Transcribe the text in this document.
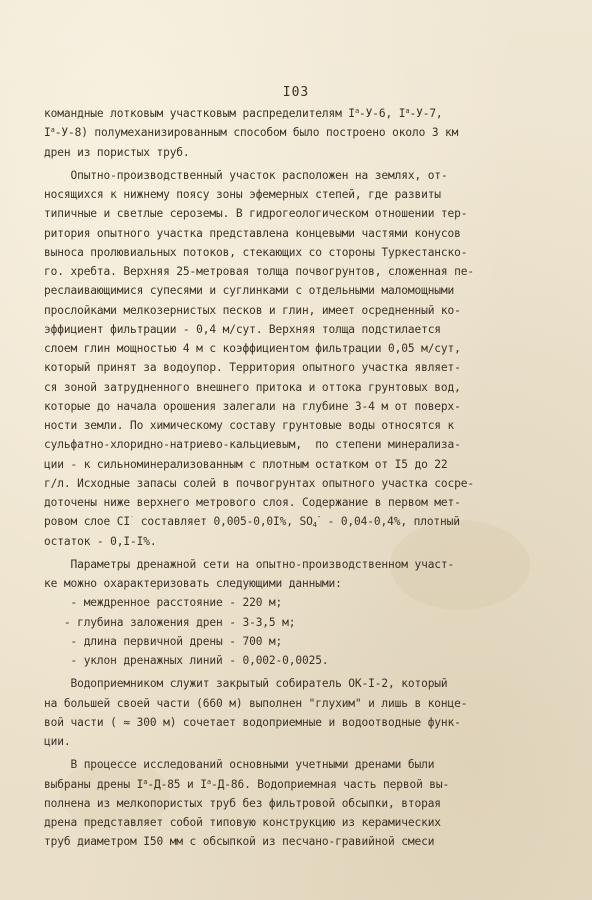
I03
командные лотковым участковым распределителям $I^a-У-6$, $I^a-У-7$,
$I^a-У-8$) полумеханизированным способом было построено около 3 км
дрен из пористых труб.
Опытно-производственный участок расположен на землях, от-
носящихся к нижнему поясу зоны эфемерных степей, где развиты
типичные и светлые сероземы. В гидрогеологическом отношении тер-
ритория опытного участка представлена концевыми частями конусов
выноса пролювиальных потоков, стекающих со стороны Туркестанско-
го. хребта. Верхняя 25-метровая толща почвогрунтов, сложенная пе-
реслаивающимися супесями и суглинками с отдельными маломощными
прослойками мелкозернистых песков и глин, имеет осредненный ко-
эффициент фильтрации - 0,4 м/сут. Верхняя толща подстилается
слоем глин мощностью 4 м с коэффициентом фильтрации 0,05 м/сут,
который принят за водоупор. Территория опытного участка являет-
ся зоной затрудненного внешнего притока и оттока грунтовых вод,
которые до начала орошения залегали на глубине 3-4 м от поверх-
ности земли. По химическому составу грунтовые воды относятся к
сульфатно-хлоридно-натриево-кальциевым,  по степени минерализа-
ции - к сильноминерализованным с плотным остатком от I5 до 22
г/л. Исходные запасы солей в почвогрунтах опытного участка сосре-
доточены ниже верхнего метрового слоя. Содержание в первом мет-
ровом слое CI′ составляет 0,005-0,0I%, $SO_4'' - 0,04-0,4\%$, плотный
остаток - 0,I-I%.
Параметры дренажной сети на опытно-производственном участ-
ке можно охарактеризовать следующими данными:
- междренное расстояние - 220 м;
- глубина заложения дрен - 3-3,5 м;
- длина первичной дрены - 700 м;
- уклон дренажных линий - 0,002-0,0025.
Водоприемником служит закрытый собиратель ОК-I-2, который
на большей своей части (660 м) выполнен "глухим" и лишь в конце-
вой части ( ≈ 300 м) сочетает водоприемные и водоотводные функ-
ции.
В процессе исследований основными учетными дренами были
выбраны дрены $I^a-Д-85$ и $I^a-Д-86$. Водоприемная часть первой вы-
полнена из мелкопористых труб без фильтровой обсыпки, вторая
дрена представляет собой типовую конструкцию из керамических
труб диаметром I50 мм с обсыпкой из песчано-гравийной смеси
